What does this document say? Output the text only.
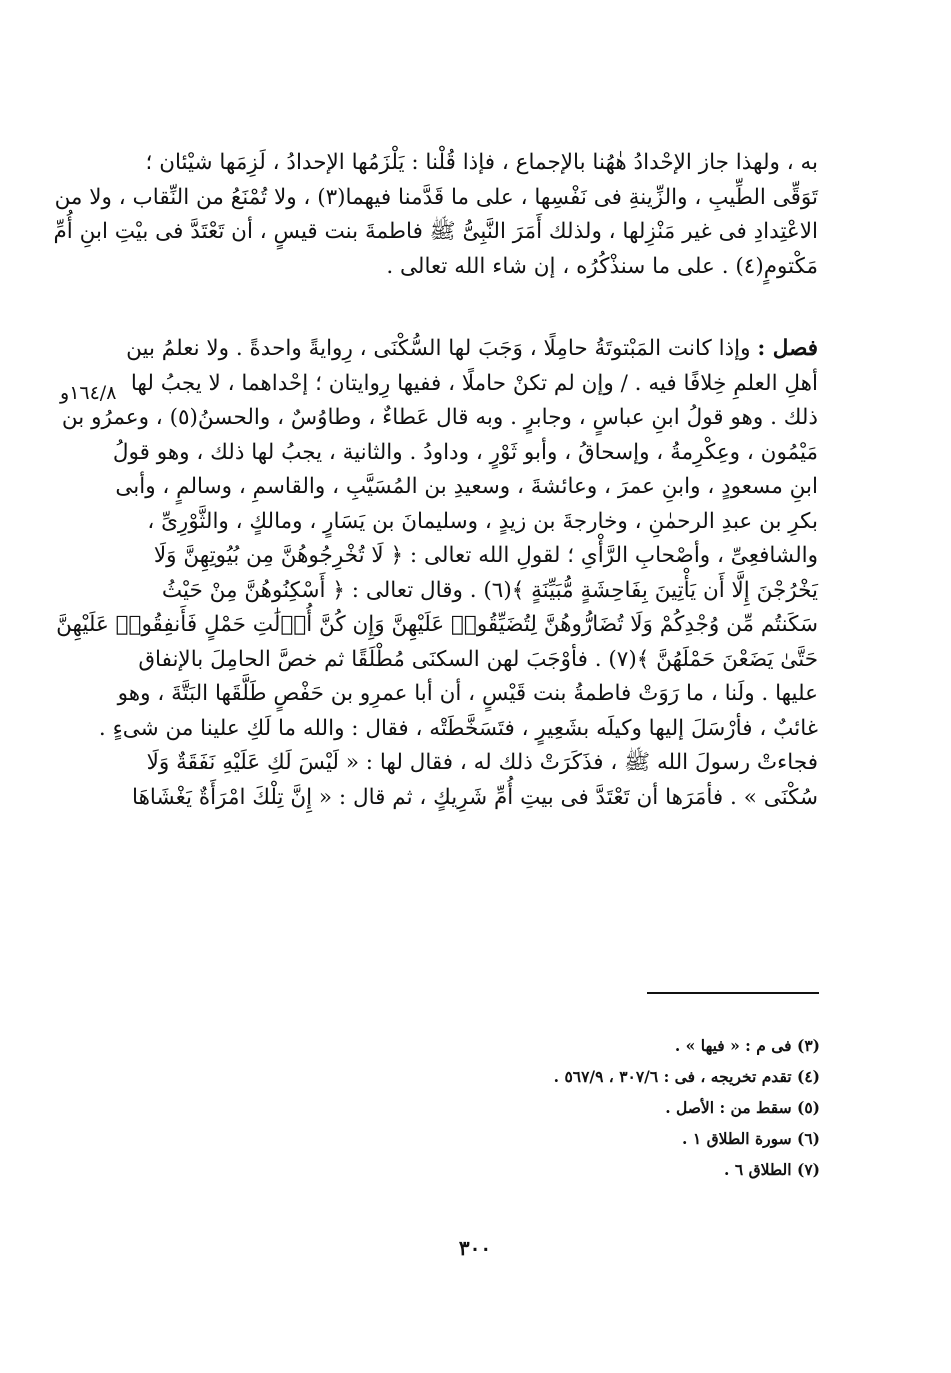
به ، ولهذا جاز الإحْدادُ هٰهُنا بالإجماع ، فإذا قُلْنا : يَلْزَمُها الإحدادُ ، لَزِمَها شيْئان ؛
تَوَقِّى الطِّيبِ ، والزِّينةِ فى نَفْسِها ، على ما قَدَّمنا فيهما(٣) ، ولا تُمْنَعُ من النِّقاب ، ولا من
الاعْتِدادِ فى غير مَنْزِلها ، ولذلك أَمَرَ النَّبِىُّ ﷺ فاطمةَ بنت قيسٍ ، أن تَعْتَدَّ فى بيْتِ ابنِ أُمِّ
مَكْتومٍ(٤) . على ما سنذْكُرُه ، إن شاء الله تعالى .
فصل : وإذا كانت المَبْتوتَةُ حامِلًا ، وَجَبَ لها السُّكْنَى ، رِوايةً واحدةً . ولا نعلمُ بين
أهلِ العلمِ خِلافًا فيه . / وإن لم تكنْ حاملًا ، ففيها رِوايتان ؛ إحْداهما ، لا يجبُ لها
ذلك . وهو قولُ ابنِ عباسٍ ، وجابرٍ . وبه قال عَطاءٌ ، وطاوُسٌ ، والحسنُ(٥) ، وعمرُو بن
مَيْمُون ، وعِكْرِمةُ ، وإسحاقُ ، وأبو ثَوْرٍ ، وداودُ . والثانية ، يجبُ لها ذلك ، وهو قولُ
ابنِ مسعودٍ ، وابنِ عمرَ ، وعائشةَ ، وسعيدِ بن المُسَيَّبِ ، والقاسمِ ، وسالمٍ ، وأبى
بكرِ بن عبدِ الرحمٰنِ ، وخارجةَ بن زيدٍ ، وسليمانَ بن يَسَارٍ ، ومالكٍ ، والثَّوْرِىِّ ،
والشافعِىِّ ، وأصْحابِ الرَّأْىِ ؛ لقولِ الله تعالى : ﴿ لَا تُخْرِجُوهُنَّ مِن بُيُوتِهِنَّ وَلَا
يَخْرُجْنَ إِلَّا أَن يَأْتِينَ بِفَاحِشَةٍ مُّبَيِّنَةٍ ﴾(٦) . وقال تعالى : ﴿ أَسْكِنُوهُنَّ مِنْ حَيْثُ
سَكَنتُم مِّن وُجْدِكُمْ وَلَا تُضَارُّوهُنَّ لِتُضَيِّقُوا۟ عَلَيْهِنَّ وَإِن كُنَّ أُو۟لَٰتِ حَمْلٍ فَأَنفِقُوا۟ عَلَيْهِنَّ
حَتَّىٰ يَضَعْنَ حَمْلَهُنَّ ﴾(٧) . فأوْجَبَ لهن السكنَى مُطْلَقًا ثم خصَّ الحامِلَ بالإنفاق
عليها . ولَنا ، ما رَوَتْ فاطمةُ بنت قَيْسٍ ، أن أبا عمرِو بن حَفْصٍ طَلَّقَها البَتَّةَ ، وهو
غائبٌ ، فأرْسَلَ إليها وكيلَه بشَعِيرٍ ، فتَسَخَّطَتْه ، فقال : والله ما لَكِ علينا من شىءٍ .
فجاءتْ رسولَ الله ﷺ ، فذَكَرَتْ ذلك له ، فقال لها : « لَيْسَ لَكِ عَلَيْهِ نَفَقَةٌ وَلَا
سُكْنَى » . فأمَرَها أن تَعْتَدَّ فى بيتِ أُمِّ شَرِيكٍ ، ثم قال : « إِنَّ تِلْكَ امْرَأَةٌ يَغْشَاهَا
١٦٤/٨و
(٣) فى م : « فيها » .
(٤) تقدم تخريجه ، فى : ٣٠٧/٦ ، ٥٦٧/٩ .
(٥) سقط من : الأصل .
(٦) سورة الطلاق ١ .
(٧) الطلاق ٦ .
٣٠٠
